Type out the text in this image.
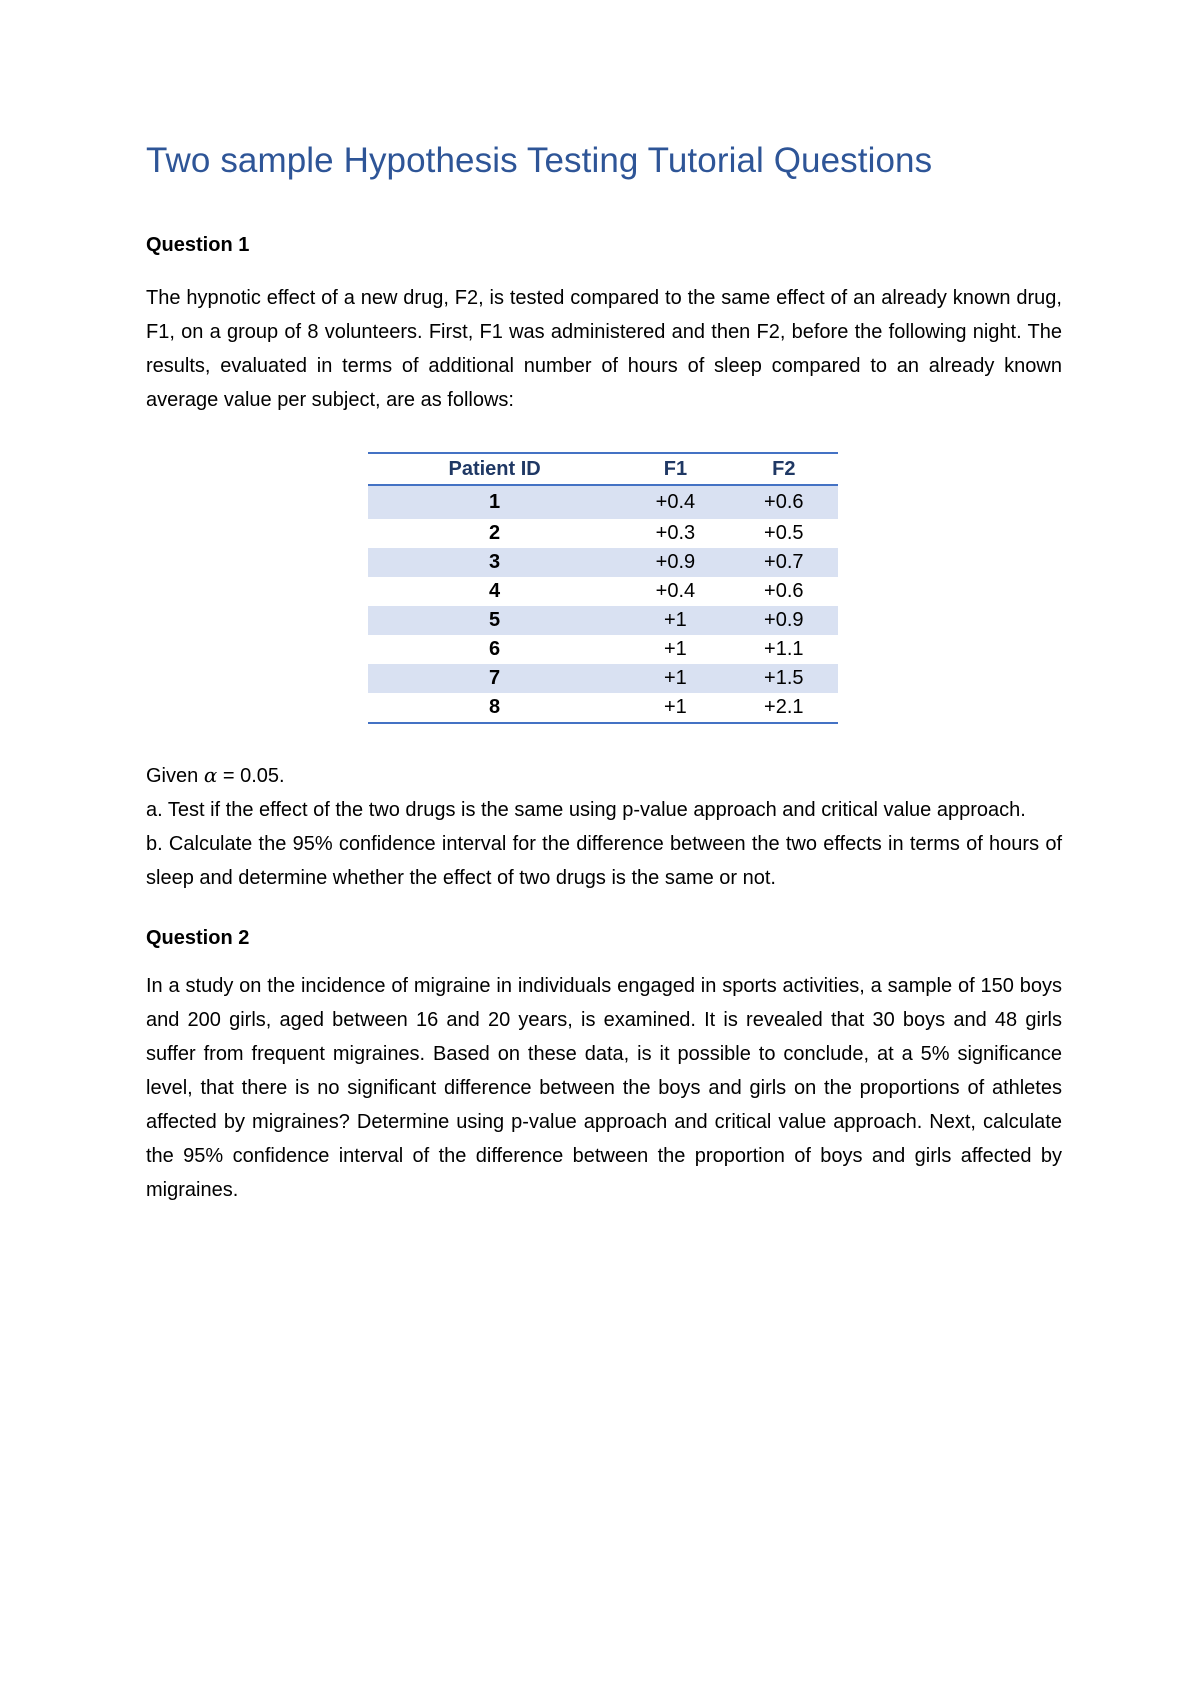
Two sample Hypothesis Testing Tutorial Questions

Question 1

The hypnotic effect of a new drug, F2, is tested compared to the same effect of an already known drug, F1, on a group of 8 volunteers. First, F1 was administered and then F2, before the following night. The results, evaluated in terms of additional number of hours of sleep compared to an already known average value per subject, are as follows:

Patient ID	F1	F2
1	+0.4	+0.6
2	+0.3	+0.5
3	+0.9	+0.7
4	+0.4	+0.6
5	+1	+0.9
6	+1	+1.1
7	+1	+1.5
8	+1	+2.1

Given α = 0.05.

a. Test if the effect of the two drugs is the same using p-value approach and critical value approach.

b. Calculate the 95% confidence interval for the difference between the two effects in terms of hours of sleep and determine whether the effect of two drugs is the same or not.

Question 2

In a study on the incidence of migraine in individuals engaged in sports activities, a sample of 150 boys and 200 girls, aged between 16 and 20 years, is examined. It is revealed that 30 boys and 48 girls suffer from frequent migraines. Based on these data, is it possible to conclude, at a 5% significance level, that there is no significant difference between the boys and girls on the proportions of athletes affected by migraines? Determine using p-value approach and critical value approach. Next, calculate the 95% confidence interval of the difference between the proportion of boys and girls affected by migraines.
